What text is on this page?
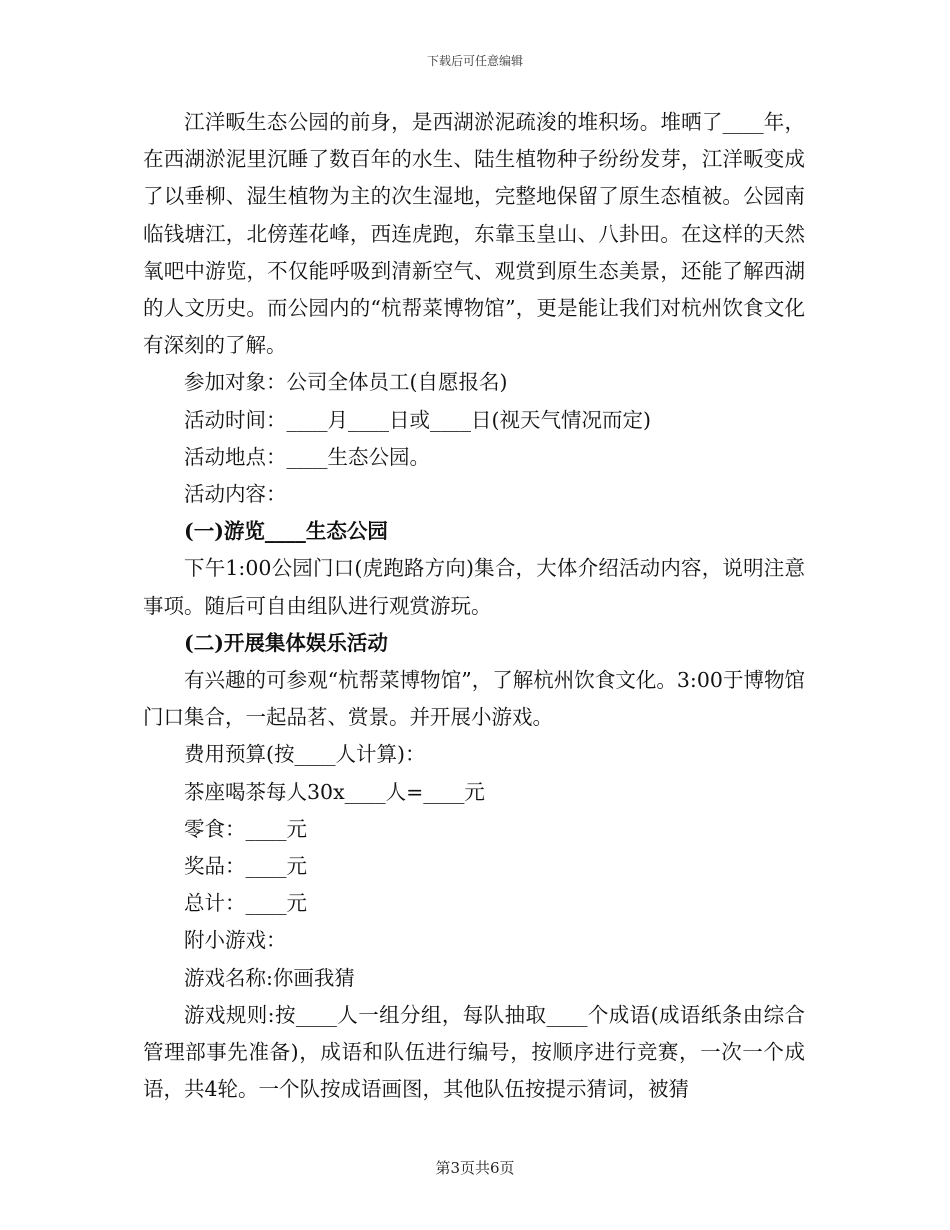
下载后可任意编辑

江洋畈生态公园的前身，是西湖淤泥疏浚的堆积场。堆晒了____年，在西湖淤泥里沉睡了数百年的水生、陆生植物种子纷纷发芽，江洋畈变成了以垂柳、湿生植物为主的次生湿地，完整地保留了原生态植被。公园南临钱塘江，北傍莲花峰，西连虎跑，东靠玉皇山、八卦田。在这样的天然氧吧中游览，不仅能呼吸到清新空气、观赏到原生态美景，还能了解西湖的人文历史。而公园内的“杭帮菜博物馆”，更是能让我们对杭州饮食文化有深刻的了解。

参加对象：公司全体员工(自愿报名)

活动时间：____月____日或____日(视天气情况而定)

活动地点：____生态公园。

活动内容：

(一)游览____生态公园

下午1:00公园门口(虎跑路方向)集合，大体介绍活动内容，说明注意事项。随后可自由组队进行观赏游玩。

(二)开展集体娱乐活动

有兴趣的可参观“杭帮菜博物馆”，了解杭州饮食文化。3:00于博物馆门口集合，一起品茗、赏景。并开展小游戏。

费用预算(按____人计算)：

茶座喝茶每人30x____人=____元

零食：____元

奖品：____元

总计：____元

附小游戏：

游戏名称:你画我猜

游戏规则:按____人一组分组，每队抽取____个成语(成语纸条由综合管理部事先准备)，成语和队伍进行编号，按顺序进行竞赛，一次一个成语，共4轮。一个队按成语画图，其他队伍按提示猜词，被猜

第3页共6页
